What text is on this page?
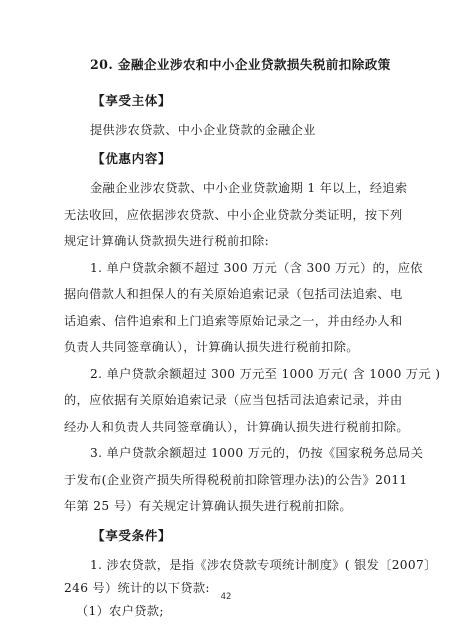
20. 金融企业涉农和中小企业贷款损失税前扣除政策
【享受主体】
提供涉农贷款、中小企业贷款的金融企业
【优惠内容】
金融企业涉农贷款、中小企业贷款逾期 1 年以上，经追索
无法收回，应依据涉农贷款、中小企业贷款分类证明，按下列
规定计算确认贷款损失进行税前扣除:
1. 单户贷款余额不超过 300 万元（含 300 万元）的，应依
据向借款人和担保人的有关原始追索记录（包括司法追索、电
话追索、信件追索和上门追索等原始记录之一，并由经办人和
负责人共同签章确认），计算确认损失进行税前扣除。
2. 单户贷款余额超过 300 万元至 1000 万元( 含 1000 万元 )
的，应依据有关原始追索记录（应当包括司法追索记录，并由
经办人和负责人共同签章确认），计算确认损失进行税前扣除。
3. 单户贷款余额超过 1000 万元的，仍按《国家税务总局关
于发布(企业资产损失所得税税前扣除管理办法)的公告》2011
年第 25 号）有关规定计算确认损失进行税前扣除。
42
【享受条件】
1. 涉农贷款，是指《涉农贷款专项统计制度》( 银发〔2007〕
246 号）统计的以下贷款:
（1）农户贷款;
